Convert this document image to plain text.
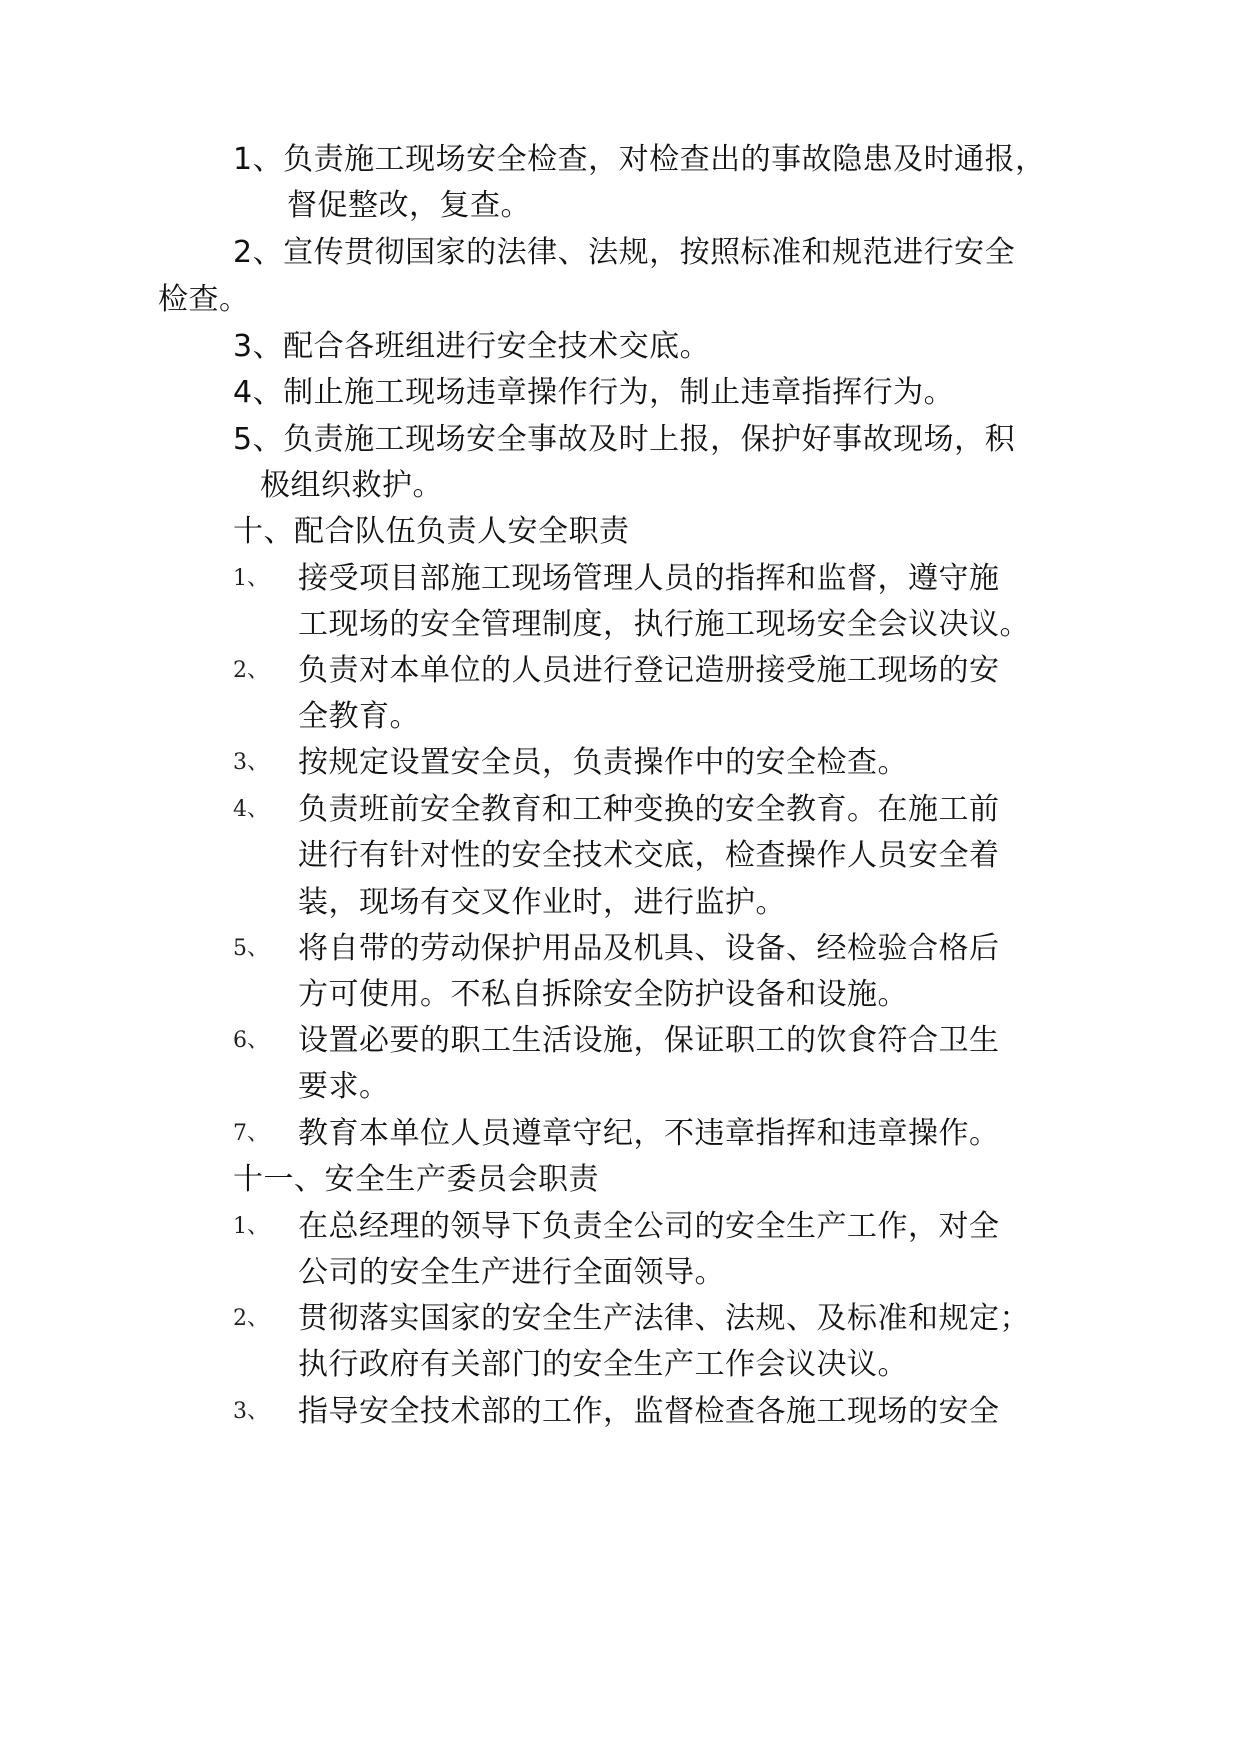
1、负责施工现场安全检查，对检查出的事故隐患及时通报，
督促整改，复查。
2、宣传贯彻国家的法律、法规，按照标准和规范进行安全
检查。
3、配合各班组进行安全技术交底。
4、制止施工现场违章操作行为，制止违章指挥行为。
5、负责施工现场安全事故及时上报，保护好事故现场，积
极组织救护。
十、配合队伍负责人安全职责
1、 接受项目部施工现场管理人员的指挥和监督，遵守施
工现场的安全管理制度，执行施工现场安全会议决议。
2、 负责对本单位的人员进行登记造册接受施工现场的安
全教育。
3、 按规定设置安全员，负责操作中的安全检查。
4、 负责班前安全教育和工种变换的安全教育。在施工前
进行有针对性的安全技术交底，检查操作人员安全着
装，现场有交叉作业时，进行监护。
5、 将自带的劳动保护用品及机具、设备、经检验合格后
方可使用。不私自拆除安全防护设备和设施。
6、 设置必要的职工生活设施，保证职工的饮食符合卫生
要求。
7、 教育本单位人员遵章守纪，不违章指挥和违章操作。
十一、安全生产委员会职责
1、 在总经理的领导下负责全公司的安全生产工作，对全
公司的安全生产进行全面领导。
2、 贯彻落实国家的安全生产法律、法规、及标准和规定；
执行政府有关部门的安全生产工作会议决议。
3、 指导安全技术部的工作，监督检查各施工现场的安全
